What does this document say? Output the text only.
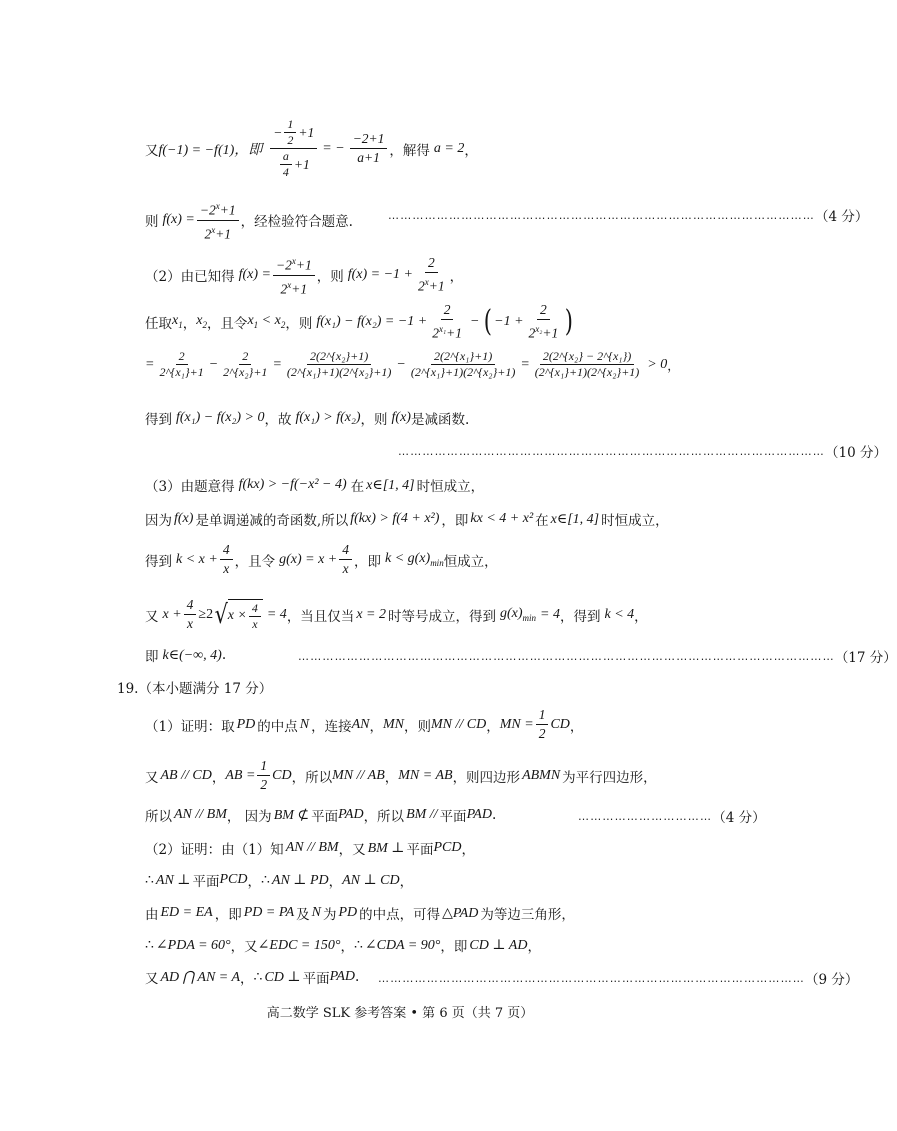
又 f(−1) = −f(1)，即 $\frac{- \frac{1}{2} +1}{\frac{a}{4} +1}$ = − $\frac{-2+1}{a+1}$ ，解得 a = 2 ，
则 $f(x) = \frac{-2^x+1}{2^x+1}$ ，经检验符合题意.	…………………………………………………………………………………………… （4 分）
（2）由已知得 $f(x) = \frac{-2^x+1}{2^x+1}$ ，则 $f(x) = -1 + \frac{2}{2^x+1}$ ，
任取 $x_1$ ， $x_2$ ，且令 $x_1 < x_2$ ，则 $f(x_1) - f(x_2) = -1 + \frac{2}{2^{x_1}+1}$ − ( $-1 + \frac{2}{2^{x_2}+1}$ )
= $\frac{2}{\text{2\textasciicircum{}\{x₁\}+1}} - \frac{2}{\text{2\textasciicircum{}\{x₂\}+1}} = \frac{\text{2(2\textasciicircum{}\{x₂\}+1)}}{\text{(2\textasciicircum{}\{x₁\}+1)(2\textasciicircum{}\{x₂\}+1)}} - \frac{\text{2(2\textasciicircum{}\{x₁\}+1)}}{\text{(2\textasciicircum{}\{x₁\}+1)(2\textasciicircum{}\{x₂\}+1)}} = \frac{\text{2(2\textasciicircum{}\{x₂\} − 2\textasciicircum{}\{x₁\})}}{\text{(2\textasciicircum{}\{x₁\}+1)(2\textasciicircum{}\{x₂\}+1)}} > 0$ ，
得到 f(x₁) − f(x₂) > 0 ，故 f(x₁) > f(x₂) ，则 f(x) 是减函数.
…………………………………………………………………………………………… （10 分）
（3）由题意得 f(kx) > −f(−x² − 4) 在 x∈[1, 4] 时恒成立，
因为 f(x) 是单调递减的奇函数,所以 f(kx) > f(4 + x²) ，即 kx < 4 + x² 在 x∈[1, 4] 时恒成立，
得到 $k < x + \frac{4}{x}$ ，且令 $g(x) = x + \frac{4}{x}$ ，即 $k < g(x)_{min}$ 恒成立，
又 $x + \frac{4}{x} \ge 2$ √ $x \times \frac{4}{x} = 4$ ，当且仅当 x = 2 时等号成立，得到 $g(x)_{min} = 4$ ，得到 k < 4 ，
即 k∈(−∞, 4) .	…………………………………………………………………………………………………………………… （17 分）
19.（本小题满分 17 分）
（1）证明：取 PD 的中点 N ，连接 AN ， MN ，则 MN // CD ， MN = $\frac{1}{2}$ CD ，
又 AB // CD ， AB = $\frac{1}{2}$ CD ，所以 MN // AB ， MN = AB ，则四边形 ABMN 为平行四边形，
所以 AN // BM ， 因为 BM ⊄ 平面 PAD ，所以 BM // 平面 PAD .	…………………………… （4 分）
（2）证明：由（1）知 AN // BM ，又 BM ⊥ 平面 PCD ，
∴ AN ⊥ 平面 PCD ， ∴ AN ⊥ PD ， AN ⊥ CD ，
由 ED = EA ，即 PD = PA 及 N 为 PD 的中点，可得 △PAD 为等边三角形，
∴ ∠PDA = 60° ，又 ∠EDC = 150° ， ∴ ∠CDA = 90° ，即 CD ⊥ AD ，
又 AD ⋂ AN = A ， ∴ CD ⊥ 平面 PAD . …………………………………………………………………………………………… （9 分）
高二数学 SLK 参考答案 • 第 6 页（共 7 页）
